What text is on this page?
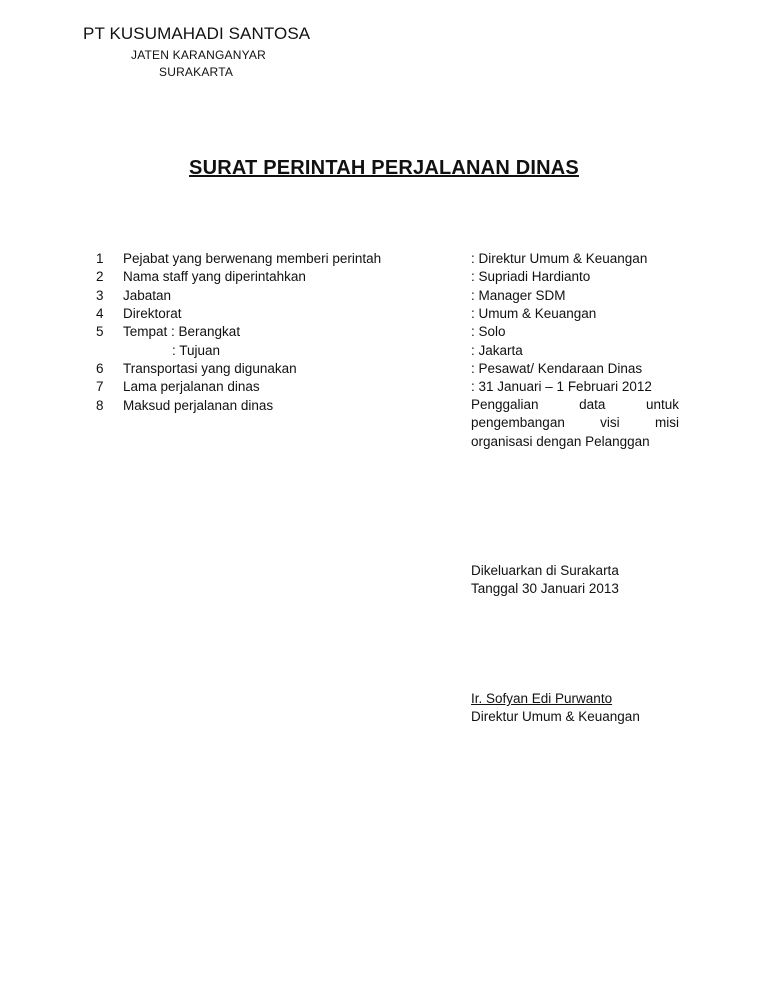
PT KUSUMAHADI SANTOSA
JATEN KARANGANYAR
SURAKARTA
SURAT PERINTAH PERJALANAN DINAS
1 Pejabat yang berwenang memberi perintah	: Direktur Umum & Keuangan
2 Nama staff yang diperintahkan	: Supriadi Hardianto
3 Jabatan	: Manager SDM
4 Direktorat	: Umum & Keuangan
5 Tempat : Berangkat	: Solo
: Tujuan	: Jakarta
6 Transportasi yang digunakan	: Pesawat/ Kendaraan Dinas
7 Lama perjalanan dinas	: 31 Januari – 1 Februari 2012
8 Maksud perjalanan dinas	Penggalian data untuk
pengembangan visi misi
organisasi dengan Pelanggan
Dikeluarkan di Surakarta
Tanggal 30 Januari 2013
Ir. Sofyan Edi Purwanto
Direktur Umum & Keuangan
